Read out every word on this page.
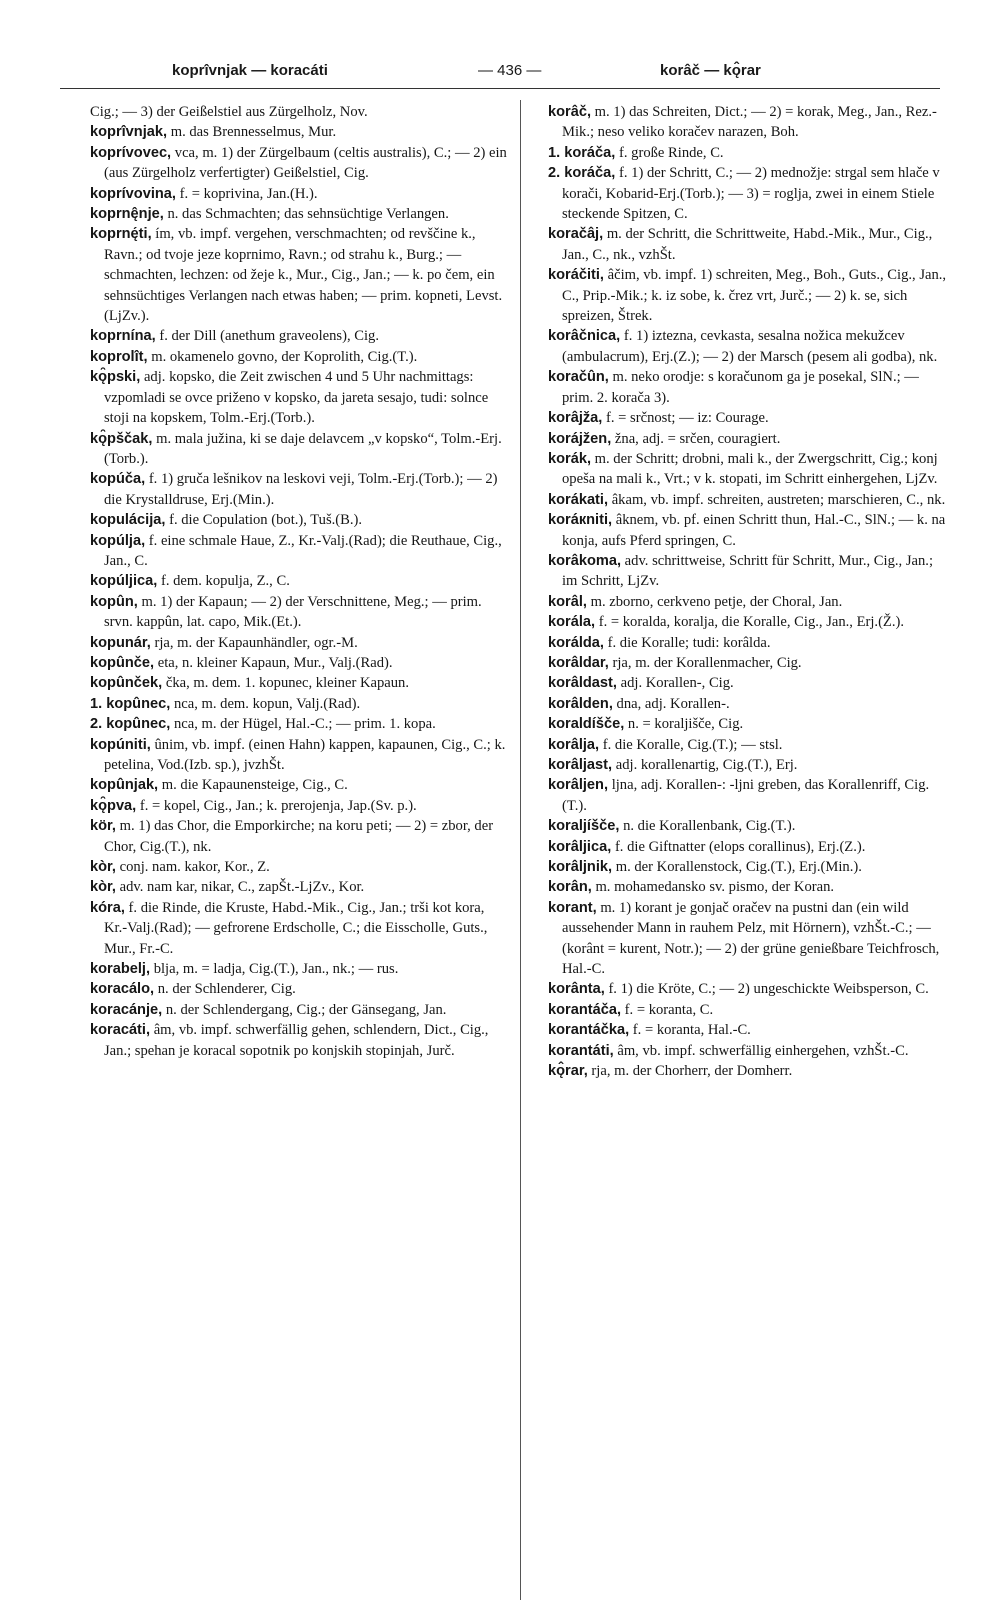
koprîvnjak — koracáti	— 436 —	korâč — kǫ̂rar

Cig.; — 3) der Geißelstiel aus Zürgelholz, Nov.

koprîvnjak, m. das Brennesselmus, Mur.

koprívovec, vca, m. 1) der Zürgelbaum (celtis australis), C.; — 2) ein (aus Zürgelholz verfertigter) Geißelstiel, Cig.

koprívovina, f. = koprivina, Jan.(H.).

koprnę̂nje, n. das Schmachten; das sehnsüchtige Verlangen.

koprnę́ti, ím, vb. impf. vergehen, verschmachten; od revščine k., Ravn.; od tvoje jeze koprnimo, Ravn.; od strahu k., Burg.; — schmachten, lechzen: od žeje k., Mur., Cig., Jan.; — k. po čem, ein sehnsüchtiges Verlangen nach etwas haben; — prim. kopneti, Levst.(LjZv.).

koprnína, f. der Dill (anethum graveolens), Cig.

koprolît, m. okamenelo govno, der Koprolith, Cig.(T.).

kǫ̑pski, adj. kopsko, die Zeit zwischen 4 und 5 Uhr nachmittags: vzpomladi se ovce priženo v kopsko, da jareta sesajo, tudi: solnce stoji na kopskem, Tolm.-Erj.(Torb.).

kǫ̑pščak, m. mala južina, ki se daje delavcem „v kopsko“, Tolm.-Erj.(Torb.).

kopúča, f. 1) gruča lešnikov na leskovi veji, Tolm.-Erj.(Torb.); — 2) die Krystalldruse, Erj.(Min.).

kopulácija, f. die Copulation (bot.), Tuš.(B.).

kopúlja, f. eine schmale Haue, Z., Kr.-Valj.(Rad); die Reuthaue, Cig., Jan., C.

kopúljica, f. dem. kopulja, Z., C.

kopûn, m. 1) der Kapaun; — 2) der Verschnittene, Meg.; — prim. srvn. kappûn, lat. capo, Mik.(Et.).

kopunár, rja, m. der Kapaunhändler, ogr.-M.

kopûnče, eta, n. kleiner Kapaun, Mur., Valj.(Rad).

kopûnček, čka, m. dem. 1. kopunec, kleiner Kapaun.

1. kopûnec, nca, m. dem. kopun, Valj.(Rad).

2. kopûnec, nca, m. der Hügel, Hal.-C.; — prim. 1. kopa.

kopúniti, ûnim, vb. impf. (einen Hahn) kappen, kapaunen, Cig., C.; k. petelina, Vod.(Izb. sp.), jvzhŠt.

kopûnjak, m. die Kapaunensteige, Cig., C.

kǫ̑pva, f. = kopel, Cig., Jan.; k. prerojenja, Jap.(Sv. p.).

kör, m. 1) das Chor, die Emporkirche; na koru peti; — 2) = zbor, der Chor, Cig.(T.), nk.

kòr, conj. nam. kakor, Kor., Z.

kòr, adv. nam kar, nikar, C., zapŠt.-LjZv., Kor.

kóra, f. die Rinde, die Kruste, Habd.-Mik., Cig., Jan.; trši kot kora, Kr.-Valj.(Rad); — gefrorene Erdscholle, C.; die Eisscholle, Guts., Mur., Fr.-C.

korabelj, blja, m. = ladja, Cig.(T.), Jan., nk.; — rus.

koracálo, n. der Schlenderer, Cig.

koracánje, n. der Schlendergang, Cig.; der Gänsegang, Jan.

koracáti, âm, vb. impf. schwerfällig gehen, schlendern, Dict., Cig., Jan.; spehan je koracal sopotnik po konjskih stopinjah, Jurč.

korâč, m. 1) das Schreiten, Dict.; — 2) = korak, Meg., Jan., Rez.-Mik.; neso veliko koračev narazen, Boh.

1. koráča, f. große Rinde, C.

2. koráča, f. 1) der Schritt, C.; — 2) mednožje: strgal sem hlače v korači, Kobarid-Erj.(Torb.); — 3) = roglja, zwei in einem Stiele steckende Spitzen, C.

koračâj, m. der Schritt, die Schrittweite, Habd.-Mik., Mur., Cig., Jan., C., nk., vzhŠt.

koráčiti, âčim, vb. impf. 1) schreiten, Meg., Boh., Guts., Cig., Jan., C., Prip.-Mik.; k. iz sobe, k. črez vrt, Jurč.; — 2) k. se, sich spreizen, Štrek.

korâčnica, f. 1) iztezna, cevkasta, sesalna nožica mekužcev (ambulacrum), Erj.(Z.); — 2) der Marsch (pesem ali godba), nk.

koračûn, m. neko orodje: s koračunom ga je posekal, SlN.; — prim. 2. korača 3).

korâjža, f. = srčnost; — iz: Courage.

korájžen, žna, adj. = srčen, couragiert.

korák, m. der Schritt; drobni, mali k., der Zwergschritt, Cig.; konj opeša na mali k., Vrt.; v k. stopati, im Schritt einhergehen, LjZv.

korákati, âkam, vb. impf. schreiten, austreten; marschieren, C., nk.

koráкniti, âknem, vb. pf. einen Schritt thun, Hal.-C., SlN.; — k. na konja, aufs Pferd springen, C.

korâkoma, adv. schrittweise, Schritt für Schritt, Mur., Cig., Jan.; im Schritt, LjZv.

korâl, m. zborno, cerkveno petje, der Choral, Jan.

korála, f. = koralda, koralja, die Koralle, Cig., Jan., Erj.(Ž.).

korálda, f. die Koralle; tudi: korâlda.

korâldar, rja, m. der Korallenmacher, Cig.

korâldast, adj. Korallen-, Cig.

korâlden, dna, adj. Korallen-.

koraldíšče, n. = koraljišče, Cig.

korâlja, f. die Koralle, Cig.(T.); — stsl.

korâljast, adj. korallenartig, Cig.(T.), Erj.

korâljen, ljna, adj. Korallen-: -ljni greben, das Korallenriff, Cig.(T.).

koraljíšče, n. die Korallenbank, Cig.(T.).

korâljica, f. die Giftnatter (elops corallinus), Erj.(Z.).

korâljnik, m. der Korallenstock, Cig.(T.), Erj.(Min.).

korân, m. mohamedansko sv. pismo, der Koran.

korant, m. 1) korant je gonjač oračev na pustni dan (ein wild aussehender Mann in rauhem Pelz, mit Hörnern), vzhŠt.-C.; — (korânt = kurent, Notr.); — 2) der grüne genießbare Teichfrosch, Hal.-C.

korânta, f. 1) die Kröte, C.; — 2) ungeschickte Weibsperson, C.

korantáča, f. = koranta, C.

korantáčka, f. = koranta, Hal.-C.

korantáti, âm, vb. impf. schwerfällig einhergehen, vzhŠt.-C.

kǫ̂rar, rja, m. der Chorherr, der Domherr.
